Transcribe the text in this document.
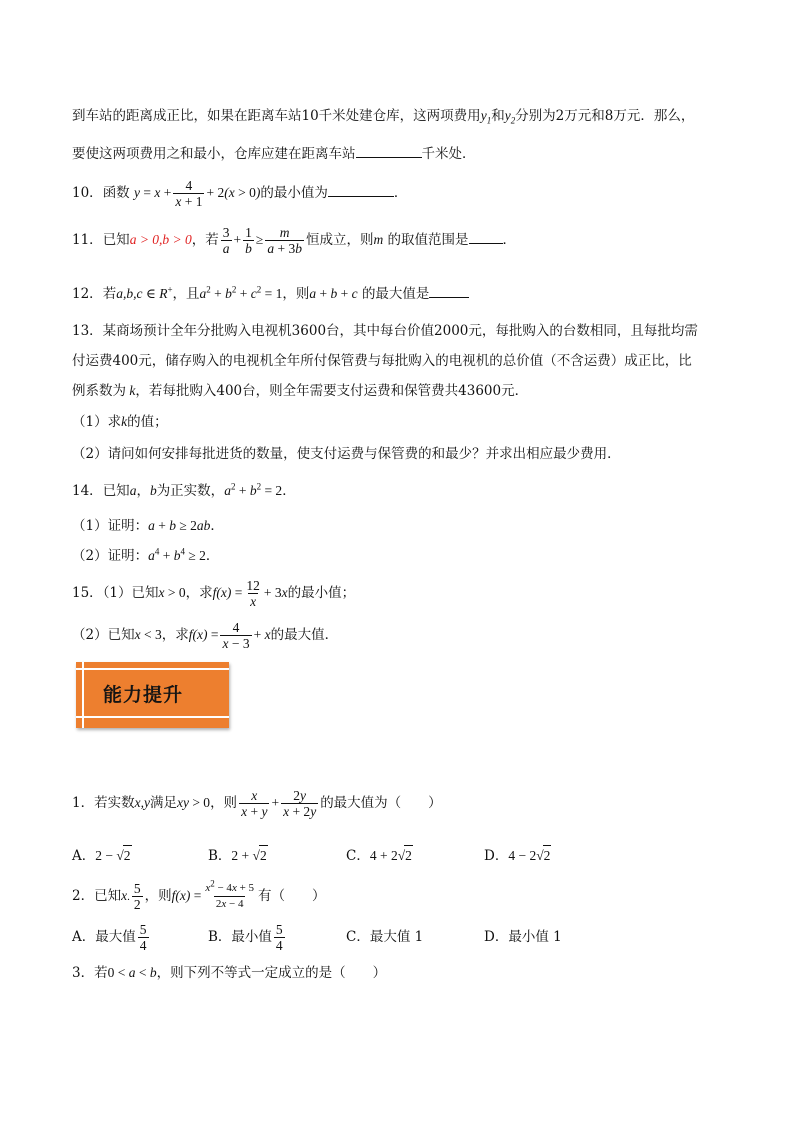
到车站的距离成正比，如果在距离车站10千米处建仓库，这两项费用$y_1$和$y_2$分别为2万元和8万元．那么，
要使这两项费用之和最小，仓库应建在距离车站	千米处．
10．函数 $y = x + \frac{4}{x + 1} + 2(x > 0)$的最小值为	．
11．已知a > 0,b > 0，若 $\frac{3}{a} + \frac{1}{b} \ge \frac{m}{a + 3b}$ 恒成立，则m 的取值范围是	．
12．若a,b,c ∈ R+，且$a^2 + b^2 + c^2 = 1$，则a + b + c 的最大值是
13．某商场预计全年分批购入电视机3600台，其中每台价值2000元，每批购入的台数相同，且每批均需
付运费400元，储存购入的电视机全年所付保管费与每批购入的电视机的总价值（不含运费）成正比，比
例系数为 k，若每批购入400台，则全年需要支付运费和保管费共43600元．
（1）求k的值；
（2）请问如何安排每批进货的数量，使支付运费与保管费的和最少？并求出相应最少费用．
14．已知a，b为正实数，$a^2 + b^2 = 2$．
（1）证明：a + b ≥ 2ab．
（2）证明：$a^4 + b^4 \ge 2$．
15．（1）已知x > 0，求$f(x) = \frac{12}{x} + 3x$的最小值；
（2）已知x < 3，求$f(x) = \frac{4}{x - 3} + x$的最大值．
能力提升
1．若实数x,y满足xy > 0，则 $\frac{x}{x + y} + \frac{2y}{x + 2y}$ 的最大值为（　　）
A．2 − √2	B．2 + √2	C．4 + 2√2	D．4 − 2√2
2．已知x. $\frac{5}{2}$ ，则$f(x) = \frac{x^2 - 4x + 5}{2x - 4}$ 有（　　）
A．最大值 $\frac{5}{4}$	B．最小值 $\frac{5}{4}$	C．最大值 1	D．最小值 1
3．若0 < a < b，则下列不等式一定成立的是（　　）
